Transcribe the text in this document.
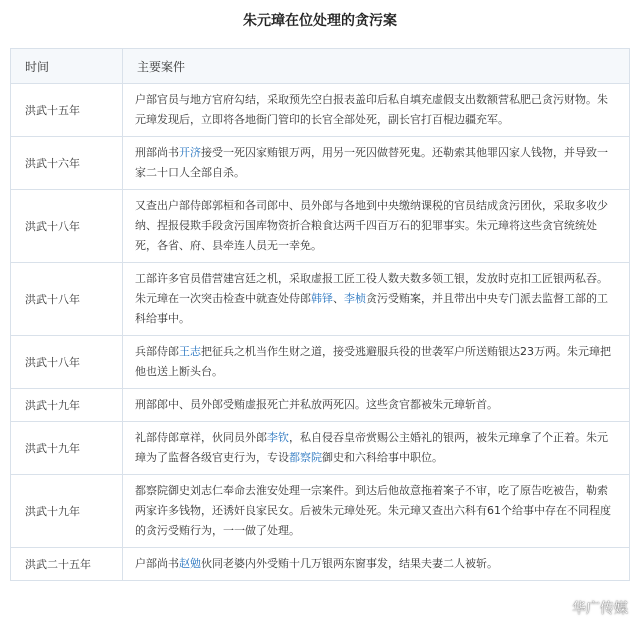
朱元璋在位处理的贪污案
时间	主要案件
洪武十五年	户部官员与地方官府勾结，采取预先空白报表盖印后私自填充虚假支出数额营私肥己贪污财物。朱元璋发现后，立即将各地衙门管印的长官全部处死，副长官打百棍边疆充军。
洪武十六年	刑部尚书开济接受一死囚家贿银万两，用另一死囚做替死鬼。还勒索其他罪囚家人钱物，并导致一家二十口人全部自杀。
洪武十八年	又查出户部侍郎郭桓和各司郎中、员外郎与各地到中央缴纳课税的官员结成贪污团伙，采取多收少纳、捏报侵欺手段贪污国库物资折合粮食达两千四百万石的犯罪事实。朱元璋将这些贪官统统处死，各省、府、县牵连人员无一幸免。
洪武十八年	工部许多官员借营建宫廷之机，采取虚报工匠工役人数夫数多领工银，发放时克扣工匠银两私吞。朱元璋在一次突击检查中就查处侍郎韩铎、李桢贪污受贿案，并且带出中央专门派去监督工部的工科给事中。
洪武十八年	兵部侍郎王志把征兵之机当作生财之道，接受逃避服兵役的世袭军户所送贿银达23万两。朱元璋把他也送上断头台。
洪武十九年	刑部郎中、员外郎受贿虚报死亡并私放两死囚。这些贪官都被朱元璋斩首。
洪武十九年	礼部侍郎章祥，伙同员外郎李钦，私自侵吞皇帝赏赐公主婚礼的银两，被朱元璋拿了个正着。朱元璋为了监督各级官吏行为，专设都察院御史和六科给事中职位。
洪武十九年	都察院御史刘志仁奉命去淮安处理一宗案件。到达后他故意拖着案子不审，吃了原告吃被告，勒索两家许多钱物，还诱奸良家民女。后被朱元璋处死。朱元璋又查出六科有61个给事中存在不同程度的贪污受贿行为，一一做了处理。
洪武二十五年	户部尚书赵勉伙同老婆内外受贿十几万银两东窗事发，结果夫妻二人被斩。
华广传媒
